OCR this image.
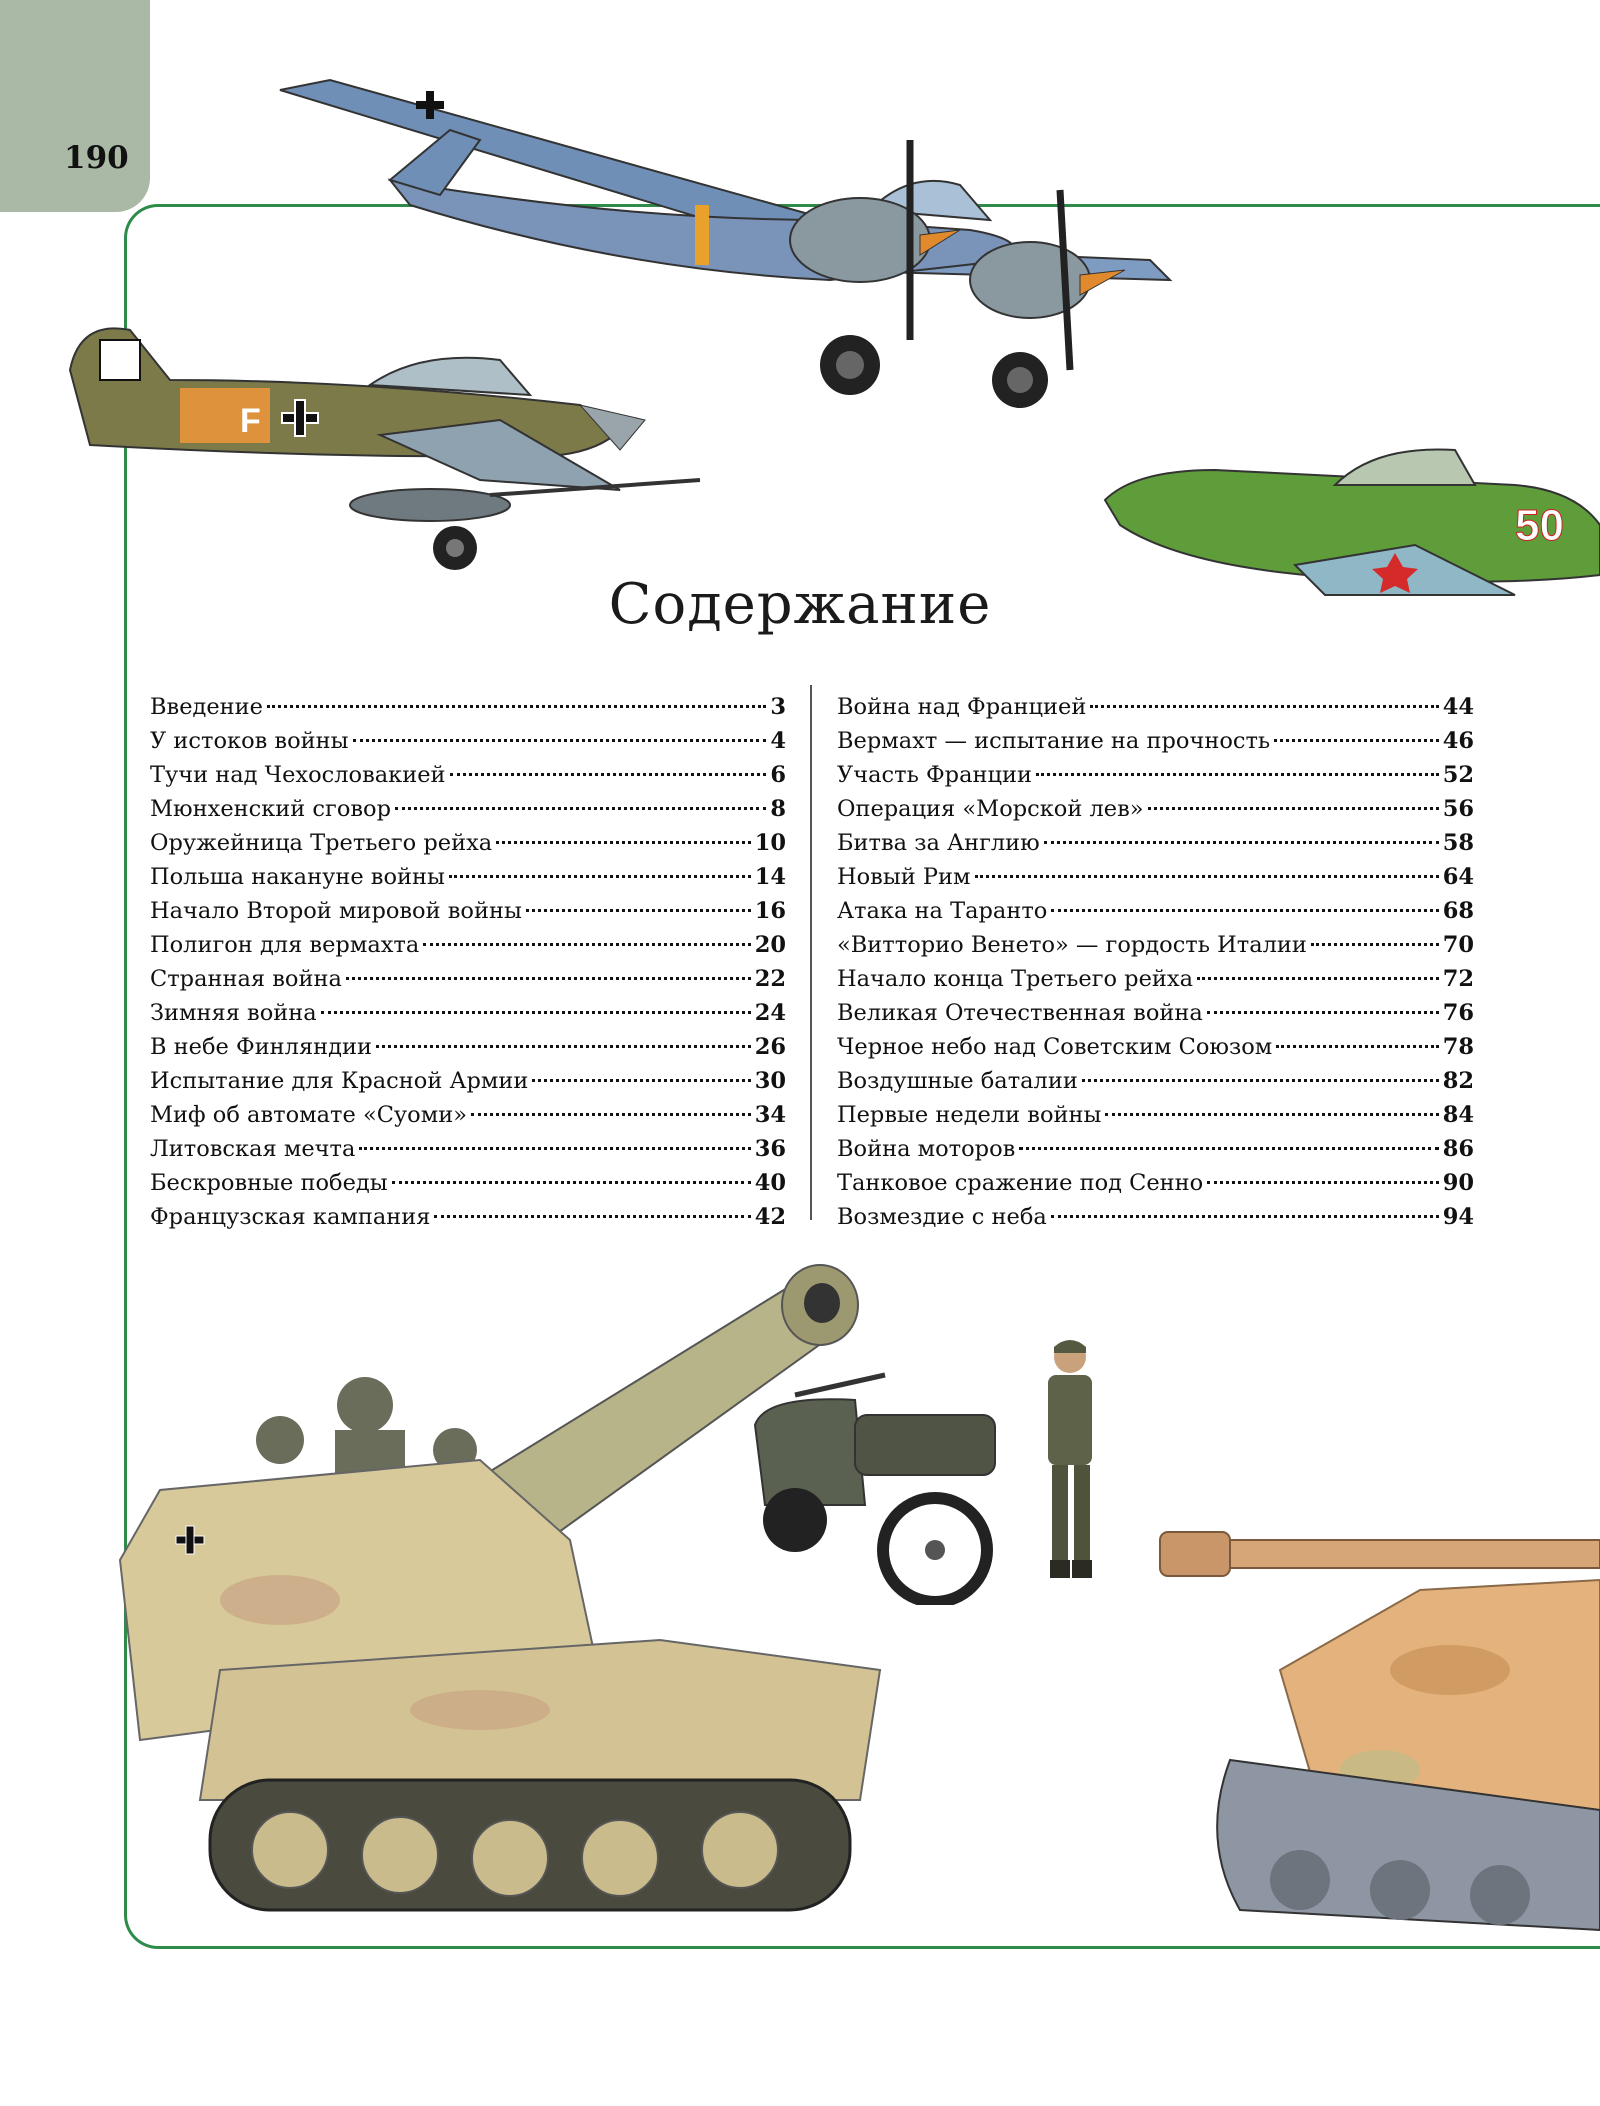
190
F
50
Содержание
Введение	3
У истоков войны	4
Тучи над Чехословакией	6
Мюнхенский сговор	8
Оружейница Третьего рейха	10
Польша накануне войны	14
Начало Второй мировой войны	16
Полигон для вермахта	20
Странная война	22
Зимняя война	24
В небе Финляндии	26
Испытание для Красной Армии	30
Миф об автомате «Суоми»	34
Литовская мечта	36
Бескровные победы	40
Французская кампания	42
Война над Францией	44
Вермахт — испытание на прочность	46
Участь Франции	52
Операция «Морской лев»	56
Битва за Англию	58
Новый Рим	64
Атака на Таранто	68
«Витторио Венето» — гордость Италии	70
Начало конца Третьего рейха	72
Великая Отечественная война	76
Черное небо над Советским Союзом	78
Воздушные баталии	82
Первые недели войны	84
Война моторов	86
Танковое сражение под Сенно	90
Возмездие с неба	94
